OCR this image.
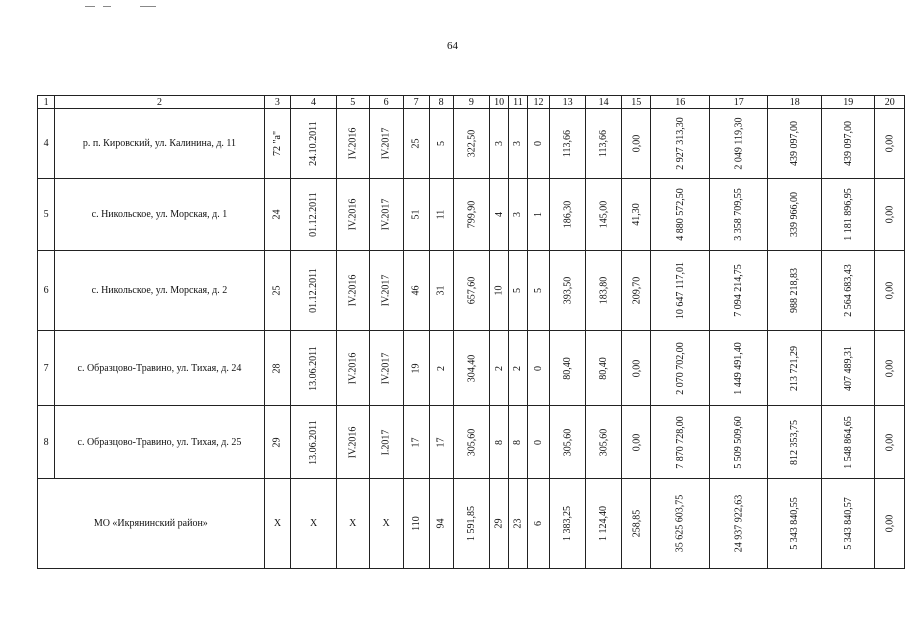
64
1	2	3	4	5	6	7	8	9	10	11	12	13	14	15	16	17	18	19	20
4	р. п. Кировский, ул. Калинина, д. 11	72 "а"	24.10.2011	IV.2016	IV.2017	25	5	322,50	3	3	0	113,66	113,66	0,00	2 927 313,30	2 049 119,30	439 097,00	439 097,00	0,00
5	с. Никольское, ул. Морская, д. 1	24	01.12.2011	IV.2016	IV.2017	51	11	799,90	4	3	1	186,30	145,00	41,30	4 880 572,50	3 358 709,55	339 966,00	1 181 896,95	0,00
6	с. Никольское, ул. Морская, д. 2	25	01.12.2011	IV.2016	IV.2017	46	31	657,60	10	5	5	393,50	183,80	209,70	10 647 117,01	7 094 214,75	988 218,83	2 564 683,43	0,00
7	с. Образцово-Травино, ул. Тихая, д. 24	28	13.06.2011	IV.2016	IV.2017	19	2	304,40	2	2	0	80,40	80,40	0,00	2 070 702,00	1 449 491,40	213 721,29	407 489,31	0,00
8	с. Образцово-Травино, ул. Тихая, д. 25	29	13.06.2011	IV.2016	I.2017	17	17	305,60	8	8	0	305,60	305,60	0,00	7 870 728,00	5 509 509,60	812 353,75	1 548 864,65	0,00
МО «Икрянинский район»		X	X	X	X	110	94	1 591,85	29	23	6	1 383,25	1 124,40	258,85	35 625 603,75	24 937 922,63	5 343 840,55	5 343 840,57	0,00
